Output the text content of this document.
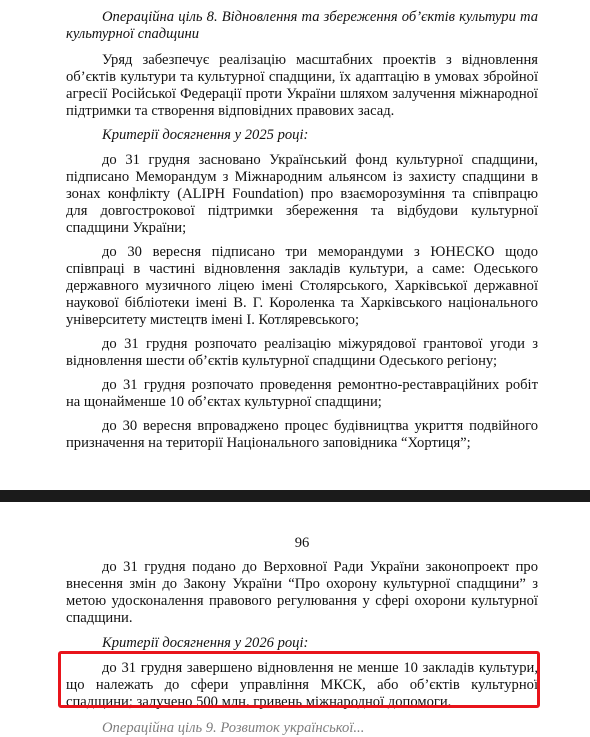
Операційна ціль 8. Відновлення та збереження об’єктів культури та культурної спадщини

Уряд забезпечує реалізацію масштабних проектів з відновлення об’єктів культури та культурної спадщини, їх адаптацію в умовах збройної агресії Російської Федерації проти України шляхом залучення міжнародної підтримки та створення відповідних правових засад.

Критерії досягнення у 2025 році:

до 31 грудня засновано Український фонд культурної спадщини, підписано Меморандум з Міжнародним альянсом із захисту спадщини в зонах конфлікту (ALIPH Foundation) про взаєморозуміння та співпрацю для довгострокової підтримки збереження та відбудови культурної спадщини України;

до 30 вересня підписано три меморандуми з ЮНЕСКО щодо співпраці в частині відновлення закладів культури, а саме: Одеського державного музичного ліцею імені Столярського, Харківської державної наукової бібліотеки імені В. Г. Короленка та Харківського національного університету мистецтв імені І. Котляревського;

до 31 грудня розпочато реалізацію міжурядової грантової угоди з відновлення шести об’єктів культурної спадщини Одеського регіону;

до 31 грудня розпочато проведення ремонтно-реставраційних робіт на щонайменше 10 об’єктах культурної спадщини;

до 30 вересня впроваджено процес будівництва укриття подвійного призначення на території Національного заповідника “Хортиця”;

96

до 31 грудня подано до Верховної Ради України законопроект про внесення змін до Закону України “Про охорону культурної спадщини” з метою удосконалення правового регулювання у сфері охорони культурної спадщини.

Критерії досягнення у 2026 році:

до 31 грудня завершено відновлення не менше 10 закладів культури, що належать до сфери управління МКСК, або об’єктів культурної спадщини; залучено 500 млн. гривень міжнародної допомоги.

Операційна ціль 9. Розвиток української...
